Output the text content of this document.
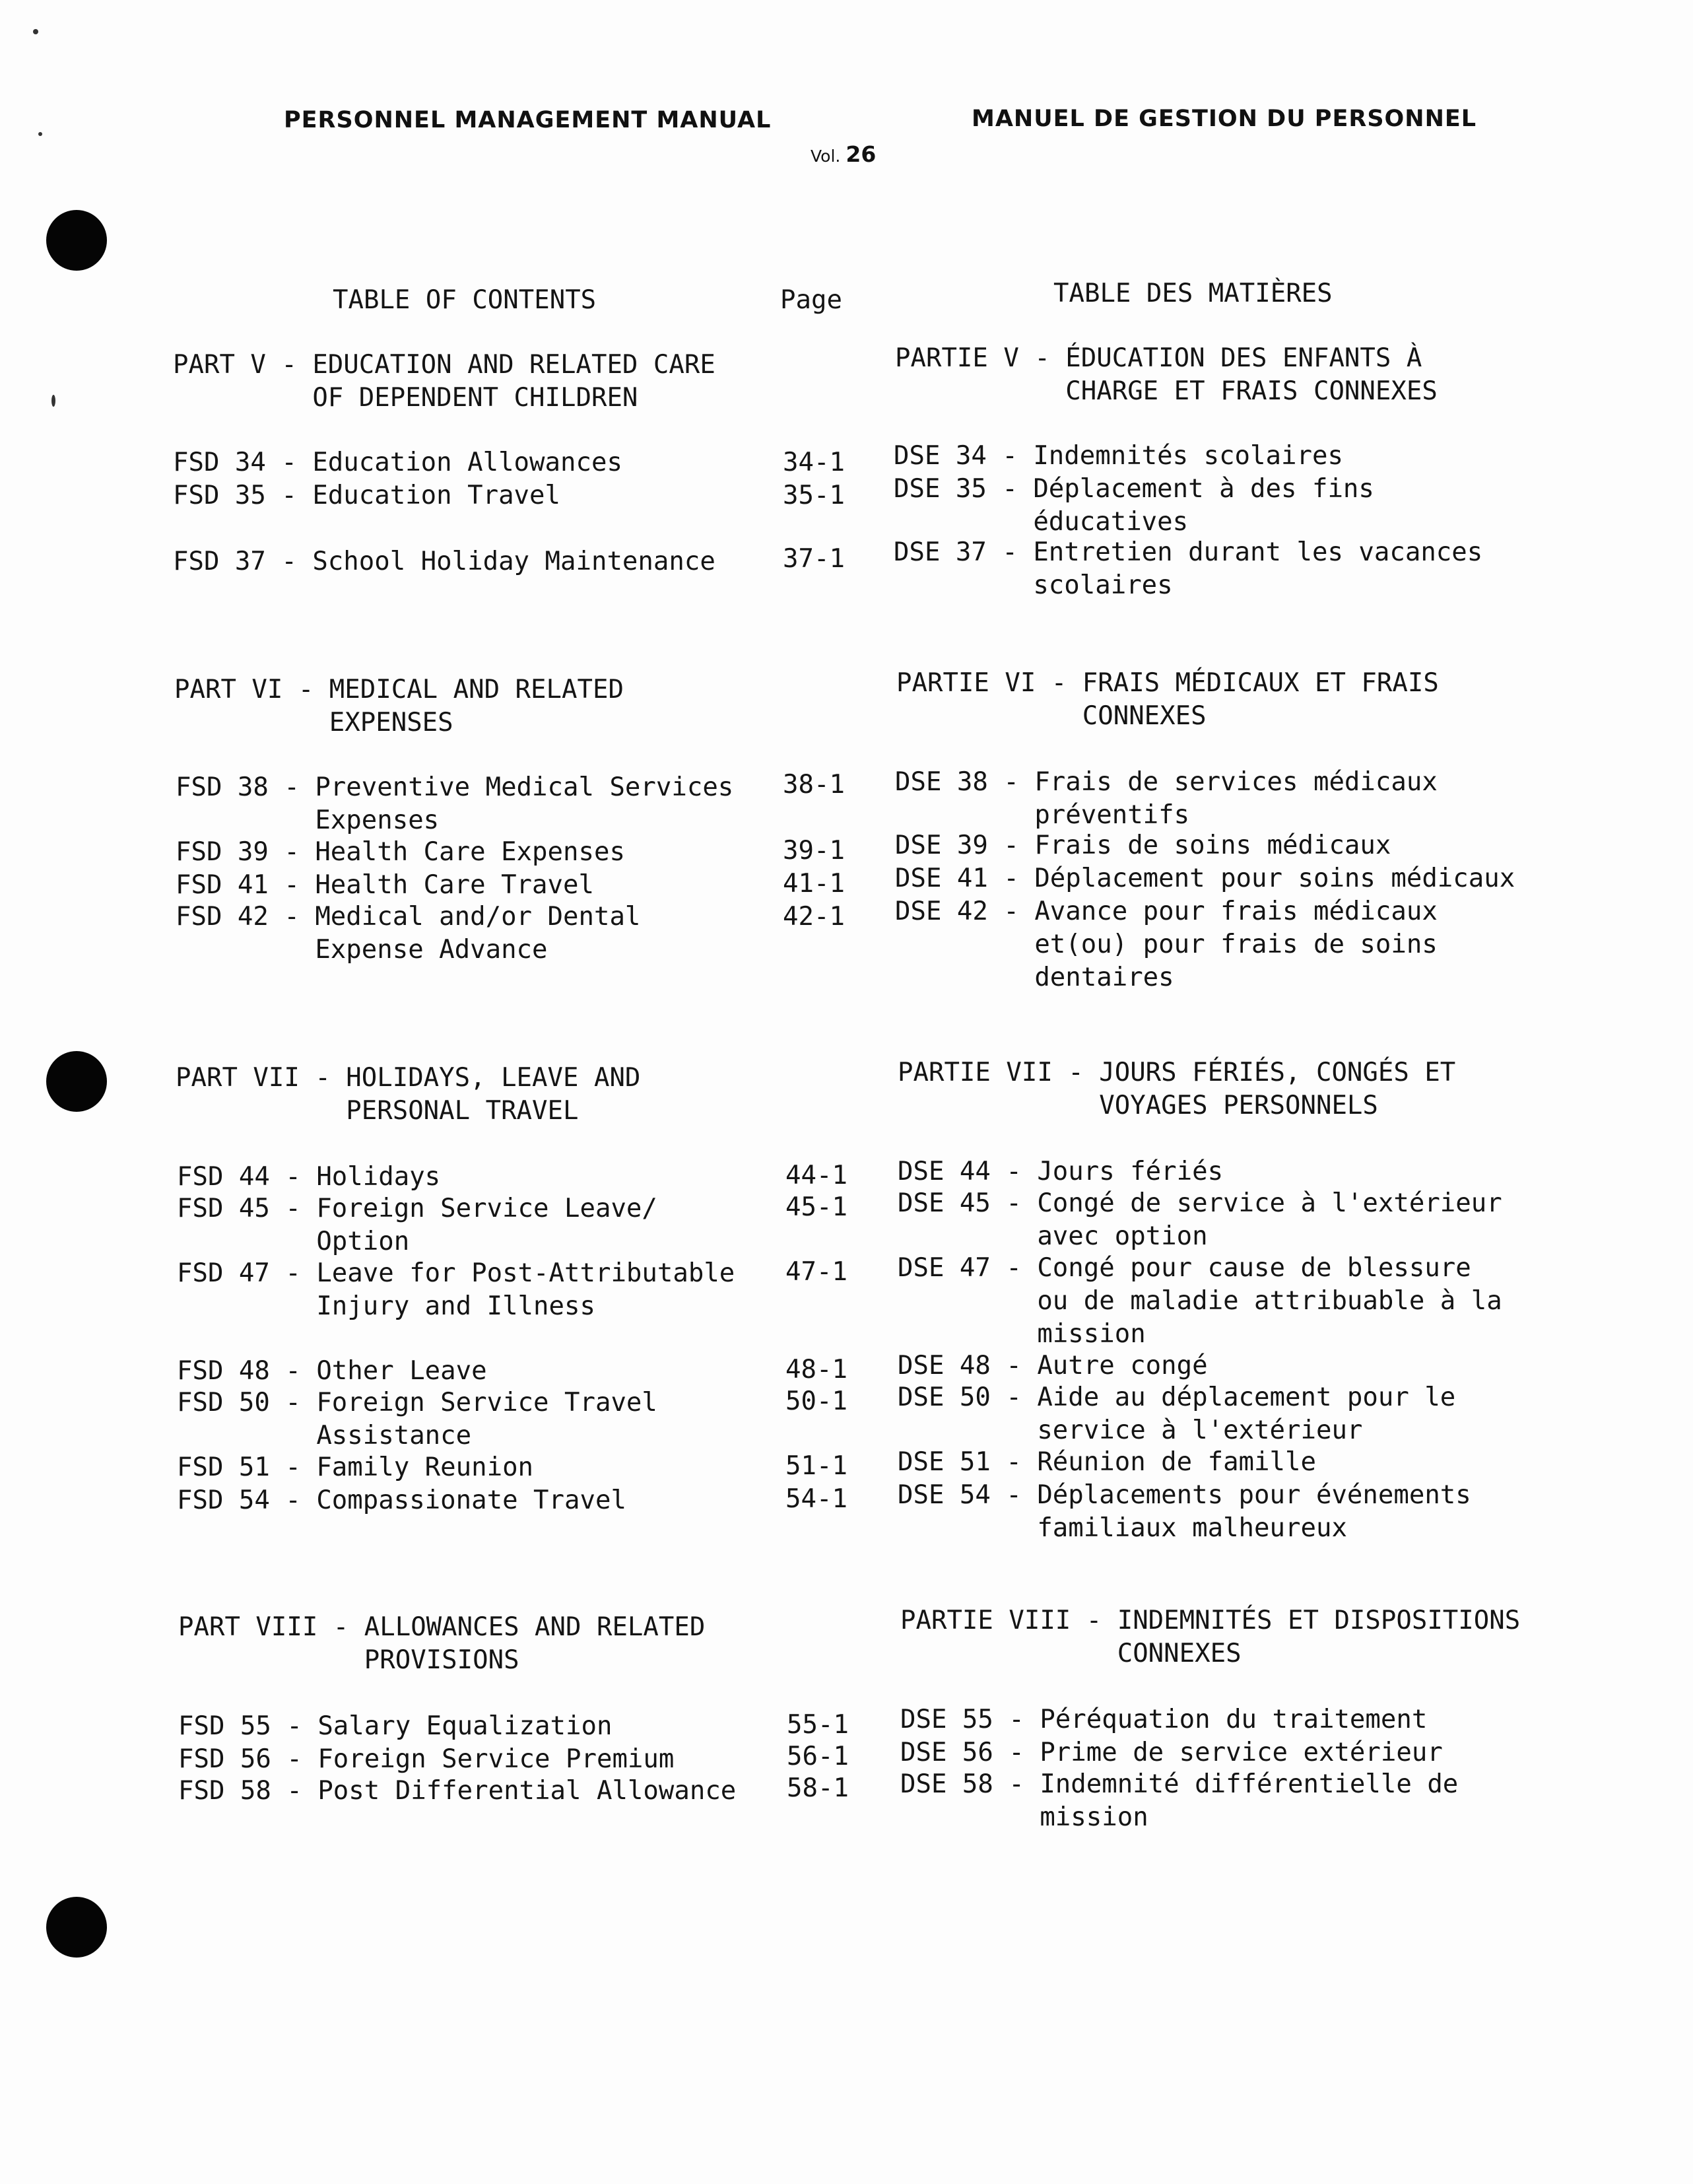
PERSONNEL MANAGEMENT MANUAL	MANUEL DE GESTION DU PERSONNEL
Vol. 26
TABLE OF CONTENTS	Page	TABLE DES MATIÈRES
PART V - EDUCATION AND RELATED CARE
OF DEPENDENT CHILDREN
PARTIE V - ÉDUCATION DES ENFANTS À
CHARGE ET FRAIS CONNEXES
FSD 34 - Education Allowances	34-1 DSE 34 - Indemnités scolaires
FSD 35 - Education Travel	35-1 DSE 35 - Déplacement à des fins
éducatives
FSD 37 - School Holiday Maintenance	37-1 DSE 37 - Entretien durant les vacances
scolaires
PART VI - MEDICAL AND RELATED
EXPENSES
PARTIE VI - FRAIS MÉDICAUX ET FRAIS
CONNEXES
FSD 38 - Preventive Medical Services
Expenses
38-1 DSE 38 - Frais de services médicaux
préventifs
FSD 39 - Health Care Expenses	39-1 DSE 39 - Frais de soins médicaux
FSD 41 - Health Care Travel	41-1 DSE 41 - Déplacement pour soins médicaux
FSD 42 - Medical and/or Dental
Expense Advance
42-1 DSE 42 - Avance pour frais médicaux
et(ou) pour frais de soins
dentaires
PART VII - HOLIDAYS, LEAVE AND
PERSONAL TRAVEL
PARTIE VII - JOURS FÉRIÉS, CONGÉS ET
VOYAGES PERSONNELS
FSD 44 - Holidays	44-1 DSE 44 - Jours fériés
FSD 45 - Foreign Service Leave/
Option
45-1 DSE 45 - Congé de service à l'extérieur
avec option
FSD 47 - Leave for Post-Attributable
Injury and Illness
47-1 DSE 47 - Congé pour cause de blessure
ou de maladie attribuable à la
mission
FSD 48 - Other Leave	48-1 DSE 48 - Autre congé
FSD 50 - Foreign Service Travel
Assistance
50-1 DSE 50 - Aide au déplacement pour le
service à l'extérieur
FSD 51 - Family Reunion	51-1 DSE 51 - Réunion de famille
FSD 54 - Compassionate Travel	54-1 DSE 54 - Déplacements pour événements
familiaux malheureux
PART VIII - ALLOWANCES AND RELATED
PROVISIONS
PARTIE VIII - INDEMNITÉS ET DISPOSITIONS
CONNEXES
FSD 55 - Salary Equalization	55-1 DSE 55 - Péréquation du traitement
FSD 56 - Foreign Service Premium	56-1 DSE 56 - Prime de service extérieur
FSD 58 - Post Differential Allowance 58-1 DSE 58 - Indemnité différentielle de
mission
